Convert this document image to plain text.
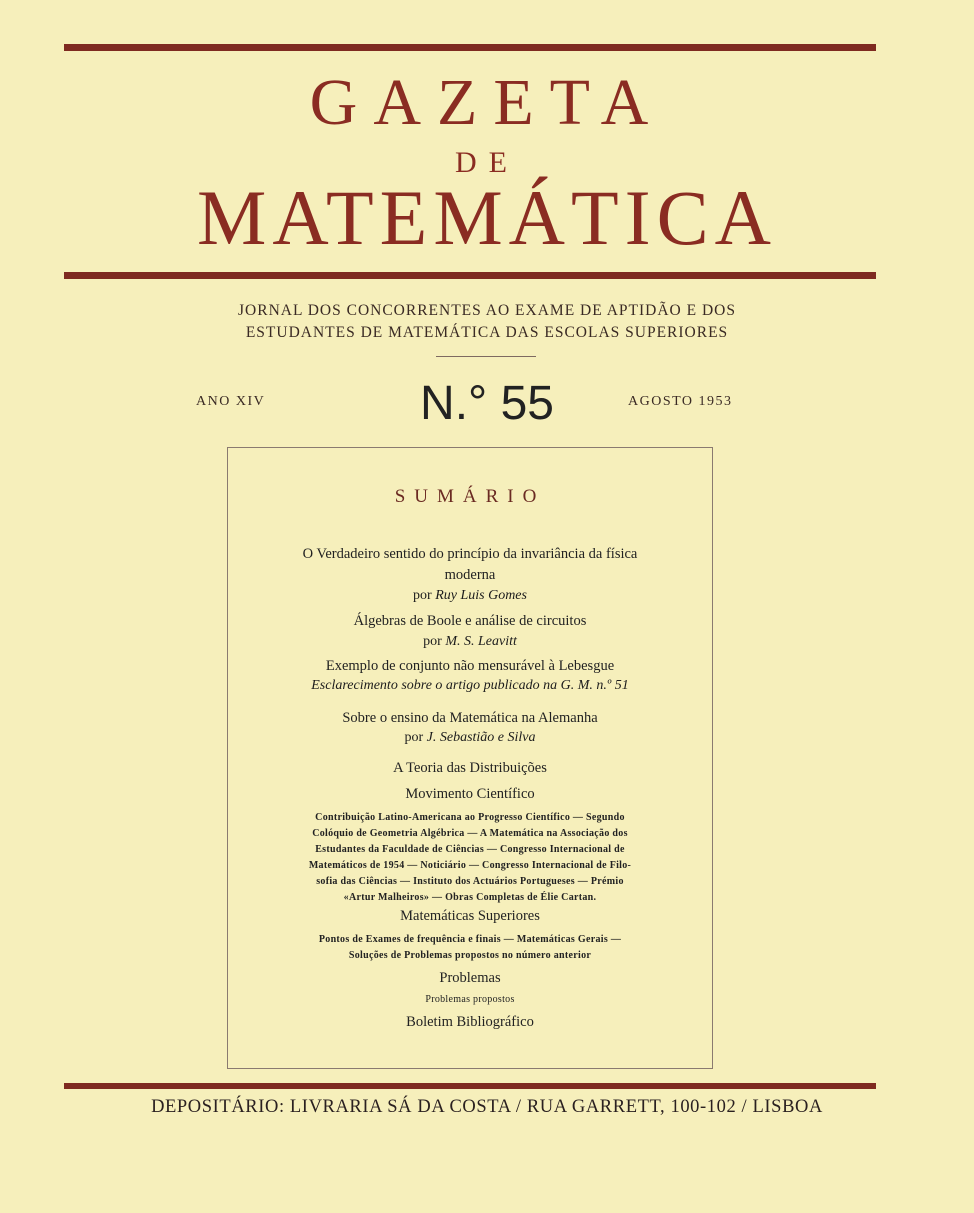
GAZETA
DE
MATEMÁTICA
JORNAL DOS CONCORRENTES AO EXAME DE APTIDÃO E DOS
ESTUDANTES DE MATEMÁTICA DAS ESCOLAS SUPERIORES
ANO XIV	N.° 55	AGOSTO 1953
SUMÁRIO
O Verdadeiro sentido do princípio da invariância da física
moderna
por Ruy Luis Gomes
Álgebras de Boole e análise de circuitos
por M. S. Leavitt
Exemplo de conjunto não mensurável à Lebesgue
Esclarecimento sobre o artigo publicado na G. M. n.º 51
Sobre o ensino da Matemática na Alemanha
por J. Sebastião e Silva
A Teoria das Distribuições
Movimento Científico
Contribuição Latino-Americana ao Progresso Científico — Segundo
Colóquio de Geometria Algébrica — A Matemática na Associação dos
Estudantes da Faculdade de Ciências — Congresso Internacional de
Matemáticos de 1954 — Noticiário — Congresso Internacional de Filo-
sofia das Ciências — Instituto dos Actuários Portugueses — Prémio
«Artur Malheiros» — Obras Completas de Élie Cartan.
Matemáticas Superiores
Pontos de Exames de frequência e finais — Matemáticas Gerais —
Soluções de Problemas propostos no número anterior
Problemas
Problemas propostos
Boletim Bibliográfico
DEPOSITÁRIO: LIVRARIA SÁ DA COSTA / RUA GARRETT, 100-102 / LISBOA
